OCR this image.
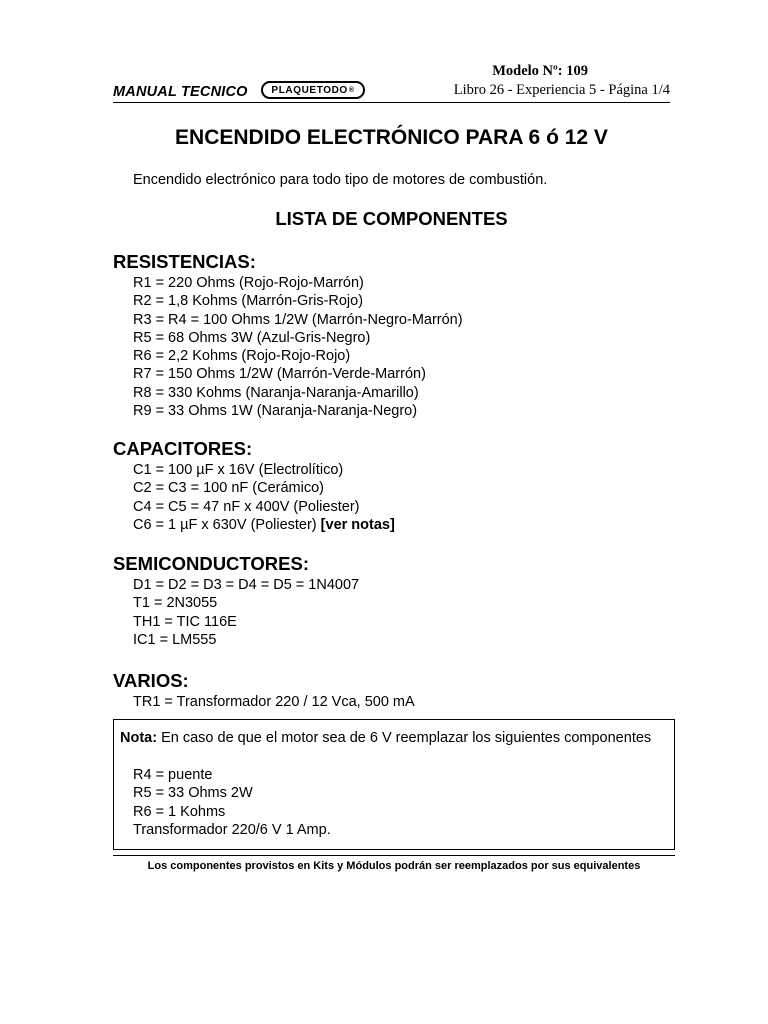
MANUAL TECNICO PLAQUETODO ®
Modelo Nº: 109
Libro 26 - Experiencia 5 - Página 1/4
ENCENDIDO ELECTRÓNICO PARA 6 ó 12 V
Encendido electrónico para todo tipo de motores de combustión.
LISTA DE COMPONENTES
RESISTENCIAS:
R1 = 220 Ohms (Rojo-Rojo-Marrón)
R2 = 1,8 Kohms (Marrón-Gris-Rojo)
R3 = R4 = 100 Ohms 1/2W (Marrón-Negro-Marrón)
R5 = 68 Ohms 3W (Azul-Gris-Negro)
R6 = 2,2 Kohms (Rojo-Rojo-Rojo)
R7 = 150 Ohms 1/2W (Marrón-Verde-Marrón)
R8 = 330 Kohms (Naranja-Naranja-Amarillo)
R9 = 33 Ohms 1W (Naranja-Naranja-Negro)
CAPACITORES:
C1 = 100 µF x 16V (Electrolítico)
C2 = C3 = 100 nF (Cerámico)
C4 = C5 = 47 nF x 400V (Poliester)
C6 = 1 µF x 630V (Poliester) [ver notas]
SEMICONDUCTORES:
D1 = D2 = D3 = D4 = D5 = 1N4007
T1 = 2N3055
TH1 = TIC 116E
IC1 = LM555
VARIOS:
TR1 = Transformador 220 / 12 Vca, 500 mA
Nota: En caso de que el motor sea de 6 V reemplazar los siguientes componentes
R4 = puente
R5 = 33 Ohms 2W
R6 = 1 Kohms
Transformador 220/6 V 1 Amp.
Los componentes provistos en Kits y Módulos podrán ser reemplazados por sus equivalentes
